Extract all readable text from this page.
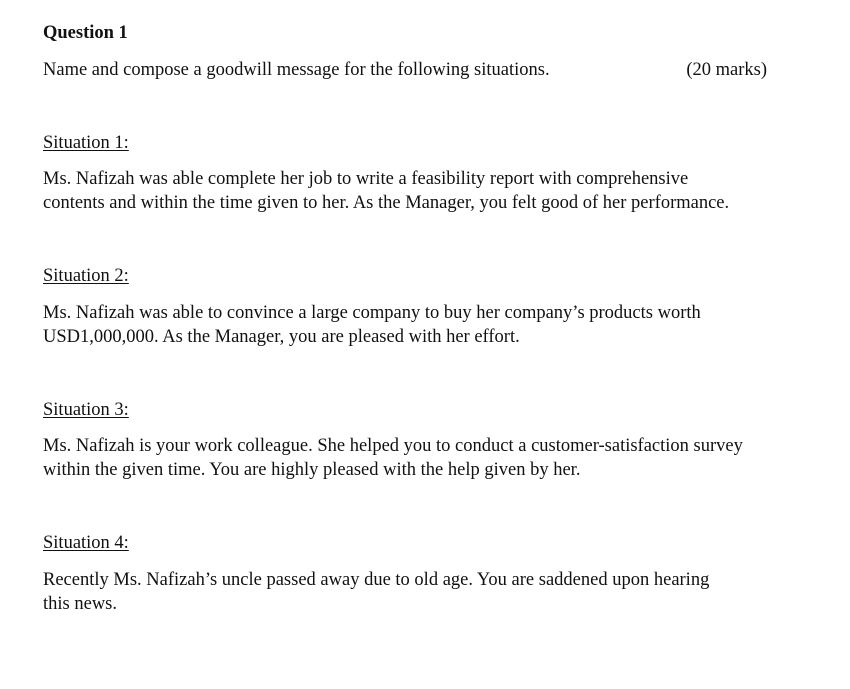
Question 1
Name and compose a goodwill message for the following situations.	(20 marks)
Situation 1:
Ms. Nafizah was able complete her job to write a feasibility report with comprehensive
contents and within the time given to her. As the Manager, you felt good of her performance.
Situation 2:
Ms. Nafizah was able to convince a large company to buy her company’s products worth
USD1,000,000. As the Manager, you are pleased with her effort.
Situation 3:
Ms. Nafizah is your work colleague. She helped you to conduct a customer-satisfaction survey
within the given time. You are highly pleased with the help given by her.
Situation 4:
Recently Ms. Nafizah’s uncle passed away due to old age. You are saddened upon hearing
this news.
